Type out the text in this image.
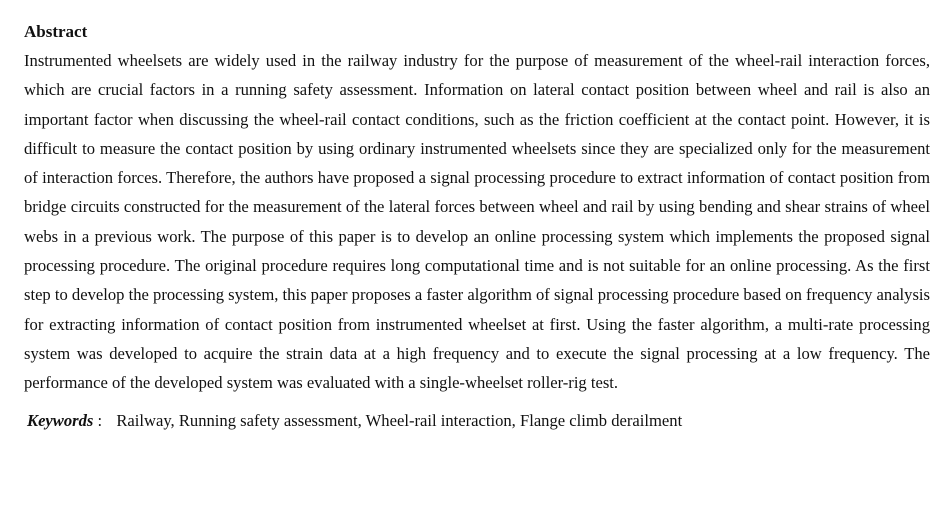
Abstract

Instrumented wheelsets are widely used in the railway industry for the purpose of measurement of the wheel-rail interaction forces, which are crucial factors in a running safety assessment. Information on lateral contact position between wheel and rail is also an important factor when discussing the wheel-rail contact conditions, such as the friction coefficient at the contact point. However, it is difficult to measure the contact position by using ordinary instrumented wheelsets since they are specialized only for the measurement of interaction forces. Therefore, the authors have proposed a signal processing procedure to extract information of contact position from bridge circuits constructed for the measurement of the lateral forces between wheel and rail by using bending and shear strains of wheel webs in a previous work. The purpose of this paper is to develop an online processing system which implements the proposed signal processing procedure. The original procedure requires long computational time and is not suitable for an online processing. As the first step to develop the processing system, this paper proposes a faster algorithm of signal processing procedure based on frequency analysis for extracting information of contact position from instrumented wheelset at first. Using the faster algorithm, a multi-rate processing system was developed to acquire the strain data at a high frequency and to execute the signal processing at a low frequency. The performance of the developed system was evaluated with a single-wheelset roller-rig test.

Keywords : Railway, Running safety assessment, Wheel-rail interaction, Flange climb derailment
